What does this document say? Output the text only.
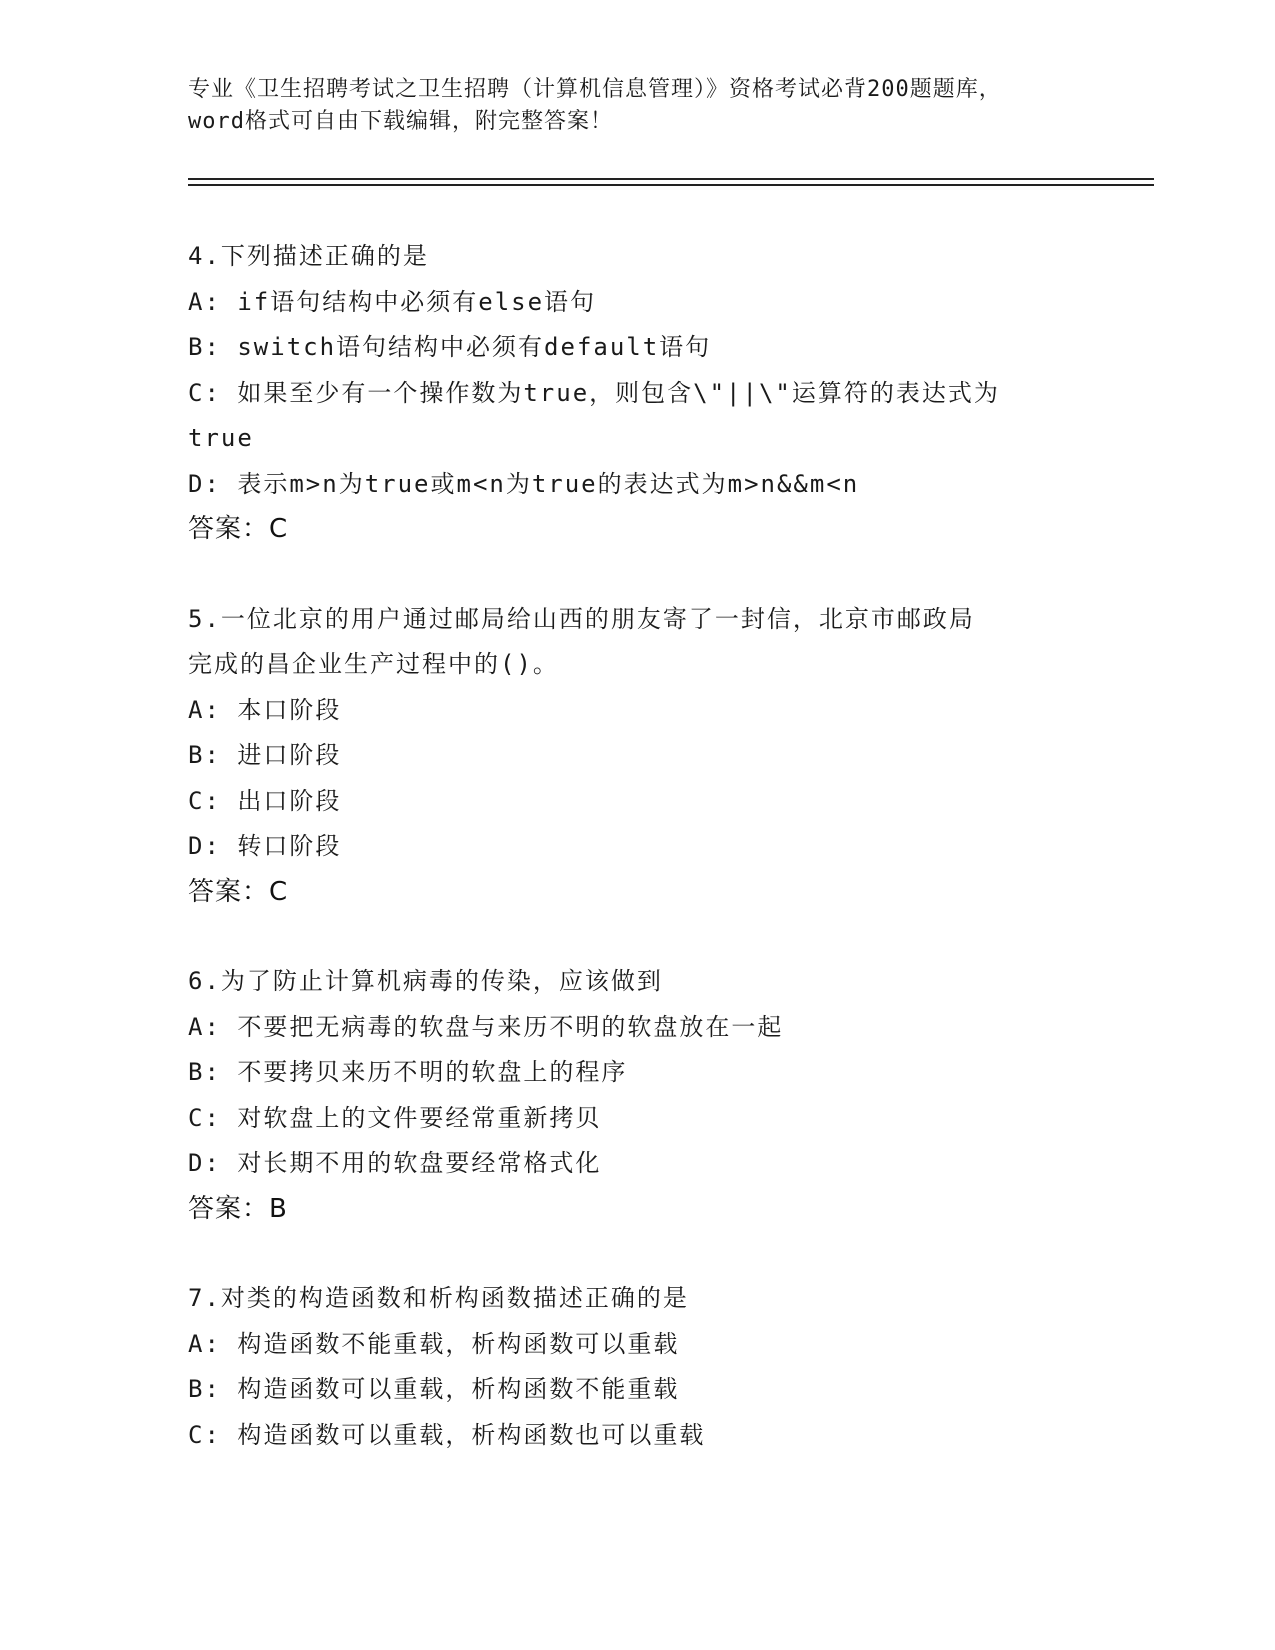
专业《卫生招聘考试之卫生招聘（计算机信息管理）》资格考试必背200题题库，
word格式可自由下载编辑，附完整答案！
4.下列描述正确的是
A: if语句结构中必须有else语句
B: switch语句结构中必须有default语句
C: 如果至少有一个操作数为true，则包含\"||\"运算符的表达式为
true
D: 表示m>n为true或m<n为true的表达式为m>n&&m<n
答案：C
5.一位北京的用户通过邮局给山西的朋友寄了一封信，北京市邮政局
完成的昌企业生产过程中的()。
A: 本口阶段
B: 进口阶段
C: 出口阶段
D: 转口阶段
答案：C
6.为了防止计算机病毒的传染，应该做到
A: 不要把无病毒的软盘与来历不明的软盘放在一起
B: 不要拷贝来历不明的软盘上的程序
C: 对软盘上的文件要经常重新拷贝
D: 对长期不用的软盘要经常格式化
答案：B
7.对类的构造函数和析构函数描述正确的是
A: 构造函数不能重载，析构函数可以重载
B: 构造函数可以重载，析构函数不能重载
C: 构造函数可以重载，析构函数也可以重载
